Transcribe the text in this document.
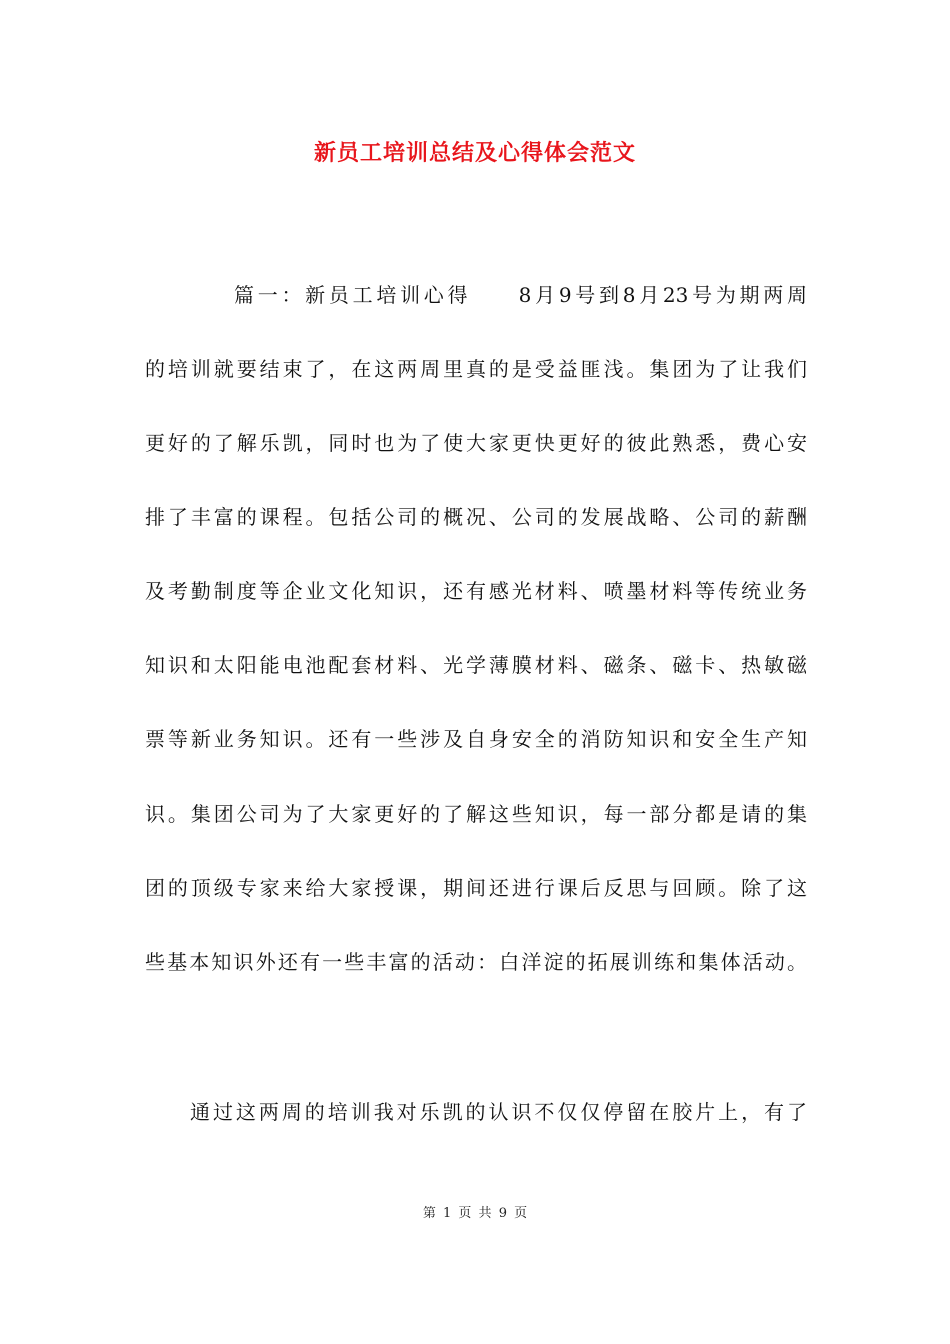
新员工培训总结及心得体会范文
篇一：新员工培训心得　　8月9号到8月23号为期两周
的培训就要结束了，在这两周里真的是受益匪浅。集团为了让我们
更好的了解乐凯，同时也为了使大家更快更好的彼此熟悉，费心安
排了丰富的课程。包括公司的概况、公司的发展战略、公司的薪酬
及考勤制度等企业文化知识，还有感光材料、喷墨材料等传统业务
知识和太阳能电池配套材料、光学薄膜材料、磁条、磁卡、热敏磁
票等新业务知识。还有一些涉及自身安全的消防知识和安全生产知
识。集团公司为了大家更好的了解这些知识，每一部分都是请的集
团的顶级专家来给大家授课，期间还进行课后反思与回顾。除了这
些基本知识外还有一些丰富的活动：白洋淀的拓展训练和集体活动。
通过这两周的培训我对乐凯的认识不仅仅停留在胶片上，有了
第 1 页 共 9 页
